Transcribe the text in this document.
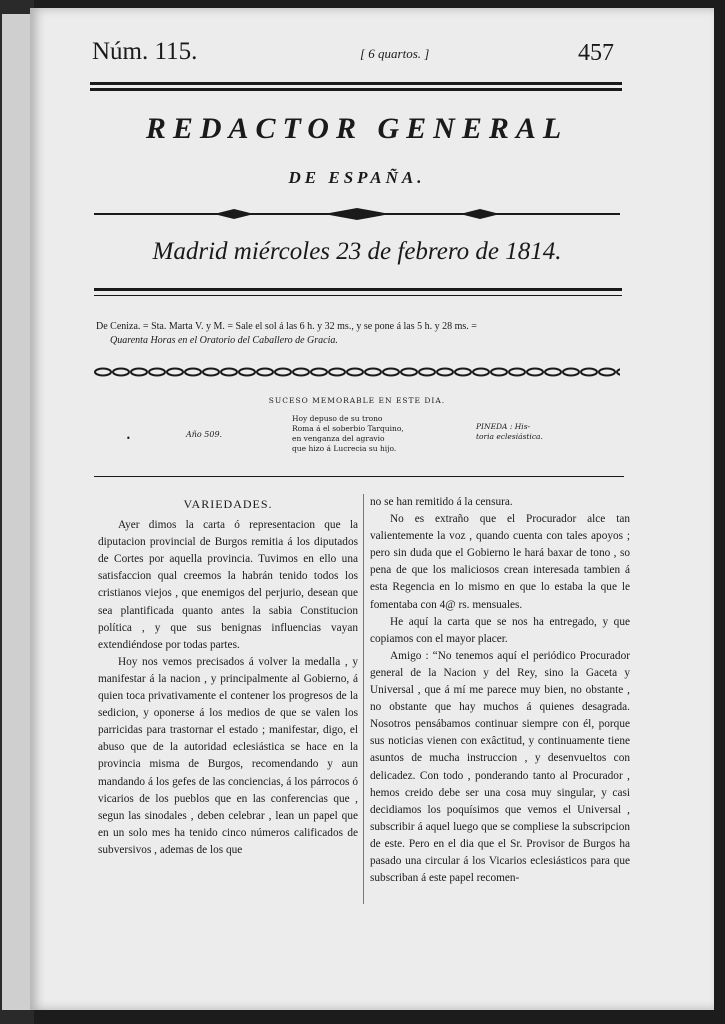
Núm. 115.	[ 6 quartos. ]	457
REDACTOR GENERAL
DE ESPAÑA.
Madrid miércoles 23 de febrero de 1814.
De Ceniza. = Sta. Marta V. y M. = Sale el sol á las 6 h. y 32 ms., y se pone á las 5 h. y 28 ms. =
Quarenta Horas en el Oratorio del Caballero de Gracia.
SUCESO MEMORABLE EN ESTE DIA.
•	Año 509.
Hoy depuso de su trono
Roma á el soberbio Tarquino,
en venganza del agravio
que hizo á Lucrecia su hijo.
PINEDA : His-
toria eclesiástica.
VARIEDADES.

Ayer dimos la carta ó representacion que la diputacion provincial de Burgos remitia á los diputados de Cortes por aquella provincia. Tuvimos en ello una satisfaccion qual creemos la habrán tenido todos los cristianos viejos , que enemigos del perjurio, desean que sea plantificada quanto antes la sabia Constitucion política , y que sus benignas influencias vayan extendiéndose por todas partes.

Hoy nos vemos precisados á volver la medalla , y manifestar á la nacion , y principalmente al Gobierno, á quien toca privativamente el contener los progresos de la sedicion, y oponerse á los medios de que se valen los parricidas para trastornar el estado ; manifestar, digo, el abuso que de la autoridad eclesiástica se hace en la provincia misma de Burgos, recomendando y aun mandando á los gefes de las conciencias, á los párrocos ó vicarios de los pueblos que en las conferencias que , segun las sinodales , deben celebrar , lean un papel que en un solo mes ha tenido cinco números calificados de subversivos , ademas de los que

no se han remitido á la censura.

No es extraño que el Procurador alce tan valientemente la voz , quando cuenta con tales apoyos ; pero sin duda que el Gobierno le hará baxar de tono , so pena de que los maliciosos crean interesada tambien á esta Regencia en lo mismo en que lo estaba la que le fomentaba con 4@ rs. mensuales.

He aquí la carta que se nos ha entregado, y que copiamos con el mayor placer.

Amigo : “No tenemos aquí el periódico Procurador general de la Nacion y del Rey, sino la Gaceta y Universal , que á mí me parece muy bien, no obstante , no obstante que hay muchos á quienes desagrada. Nosotros pensábamos continuar siempre con él, porque sus noticias vienen con exâctitud, y continuamente tiene asuntos de mucha instruccion , y desenvueltos con delicadez. Con todo , ponderando tanto al Procurador , hemos creido debe ser una cosa muy singular, y casi decidiamos los poquísimos que vemos el Universal , subscribir á aquel luego que se compliese la subscripcion de este. Pero en el dia que el Sr. Provisor de Burgos ha pasado una circular á los Vicarios eclesiásticos para que subscriban á este papel recomen-
